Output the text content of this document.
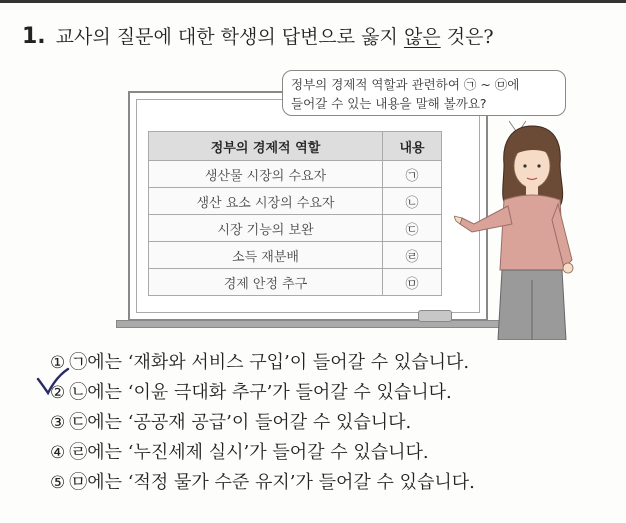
1. 교사의 질문에 대한 학생의 답변으로 옳지 않은 것은?
정부의 경제적 역할	내용
생산물 시장의 수요자	㉠
생산 요소 시장의 수요자	㉡
시장 기능의 보완	㉢
소득 재분배	㉣
경제 안정 추구	㉤
정부의 경제적 역할과 관련하여 ㉠ ~ ㉤에
들어갈 수 있는 내용을 말해 볼까요?
① ㉠에는 ‘재화와 서비스 구입’이 들어갈 수 있습니다.
② ㉡에는 ‘이윤 극대화 추구’가 들어갈 수 있습니다.
③ ㉢에는 ‘공공재 공급’이 들어갈 수 있습니다.
④ ㉣에는 ‘누진세제 실시’가 들어갈 수 있습니다.
⑤ ㉤에는 ‘적정 물가 수준 유지’가 들어갈 수 있습니다.
